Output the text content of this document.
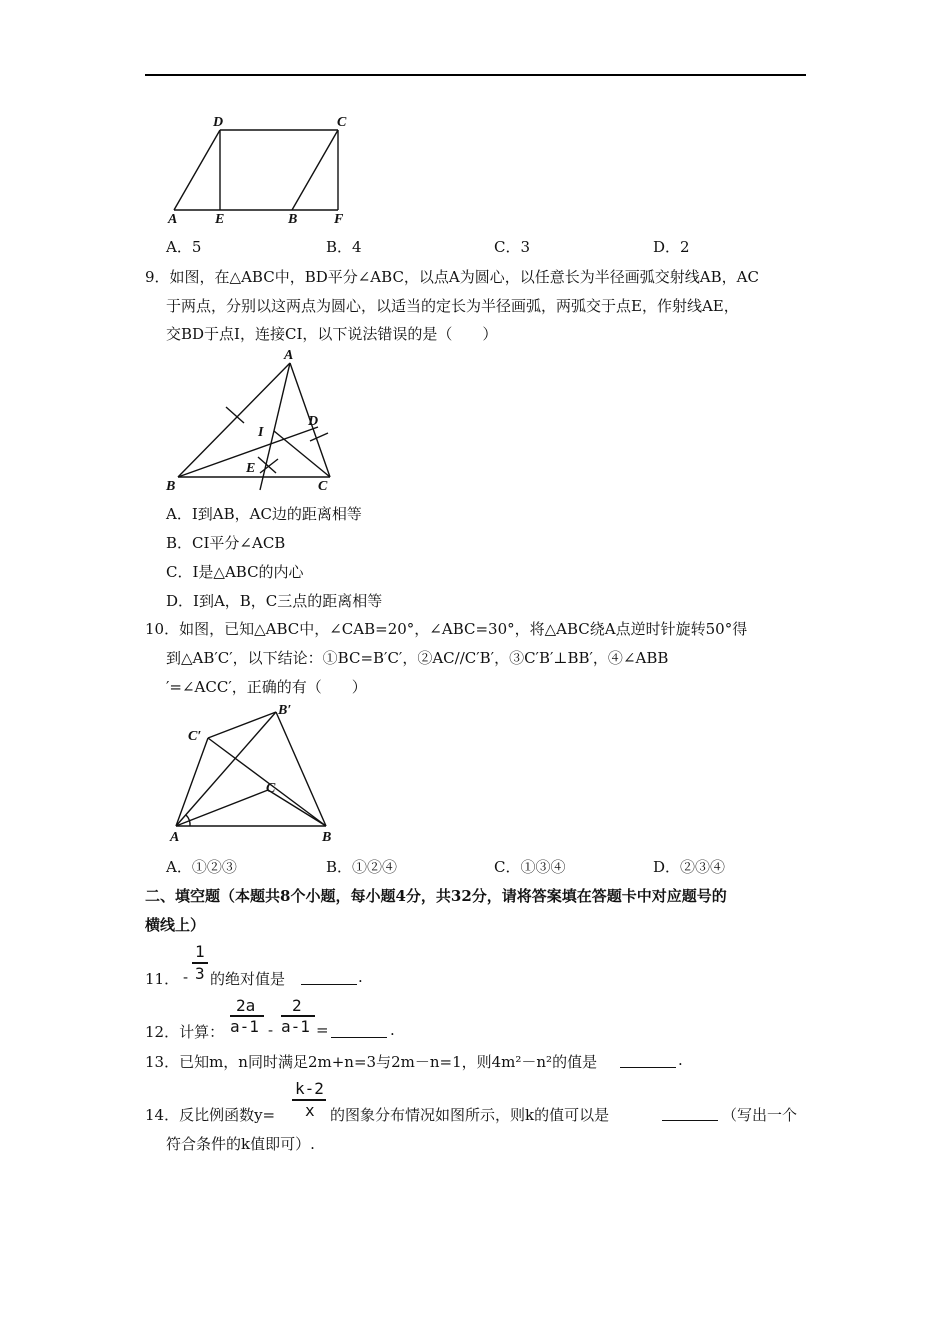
D	C
A	E	B	F
A．5	B．4	C．3	D．2
9．如图，在△ABC中，BD平分∠ABC，以点A为圆心，以任意长为半径画弧交射线AB，AC
于两点，分别以这两点为圆心，以适当的定长为半径画弧，两弧交于点E，作射线AE，
交BD于点I，连接CI，以下说法错误的是（　　）
A
I
D
E
B	C
A．I到AB，AC边的距离相等
B．CI平分∠ACB
C．I是△ABC的内心
D．I到A，B，C三点的距离相等
10．如图，已知△ABC中，∠CAB=20°，∠ABC=30°，将△ABC绕A点逆时针旋转50°得
到△AB′C′，以下结论：①BC=B′C′，②AC//C′B′，③C′B′⊥BB′，④∠ABB
′=∠ACC′，正确的有（　　）
B′
C′
C
A	B
A．①②③	B．①②④	C．①③④	D．②③④
二、填空题（本题共8个小题，每小题4分，共32分，请将答案填在答题卡中对应题号的
横线上）
11． -
1
3 的绝对值是	.
12．计算：
2a
a-1 -
2
a-1 =	.
13．已知m，n同时满足2m+n=3与2m－n=1，则4m²－n²的值是	.
14．反比例函数y=
k-2
x 的图象分布情况如图所示，则k的值可以是	（写出一个
符合条件的k值即可）.
